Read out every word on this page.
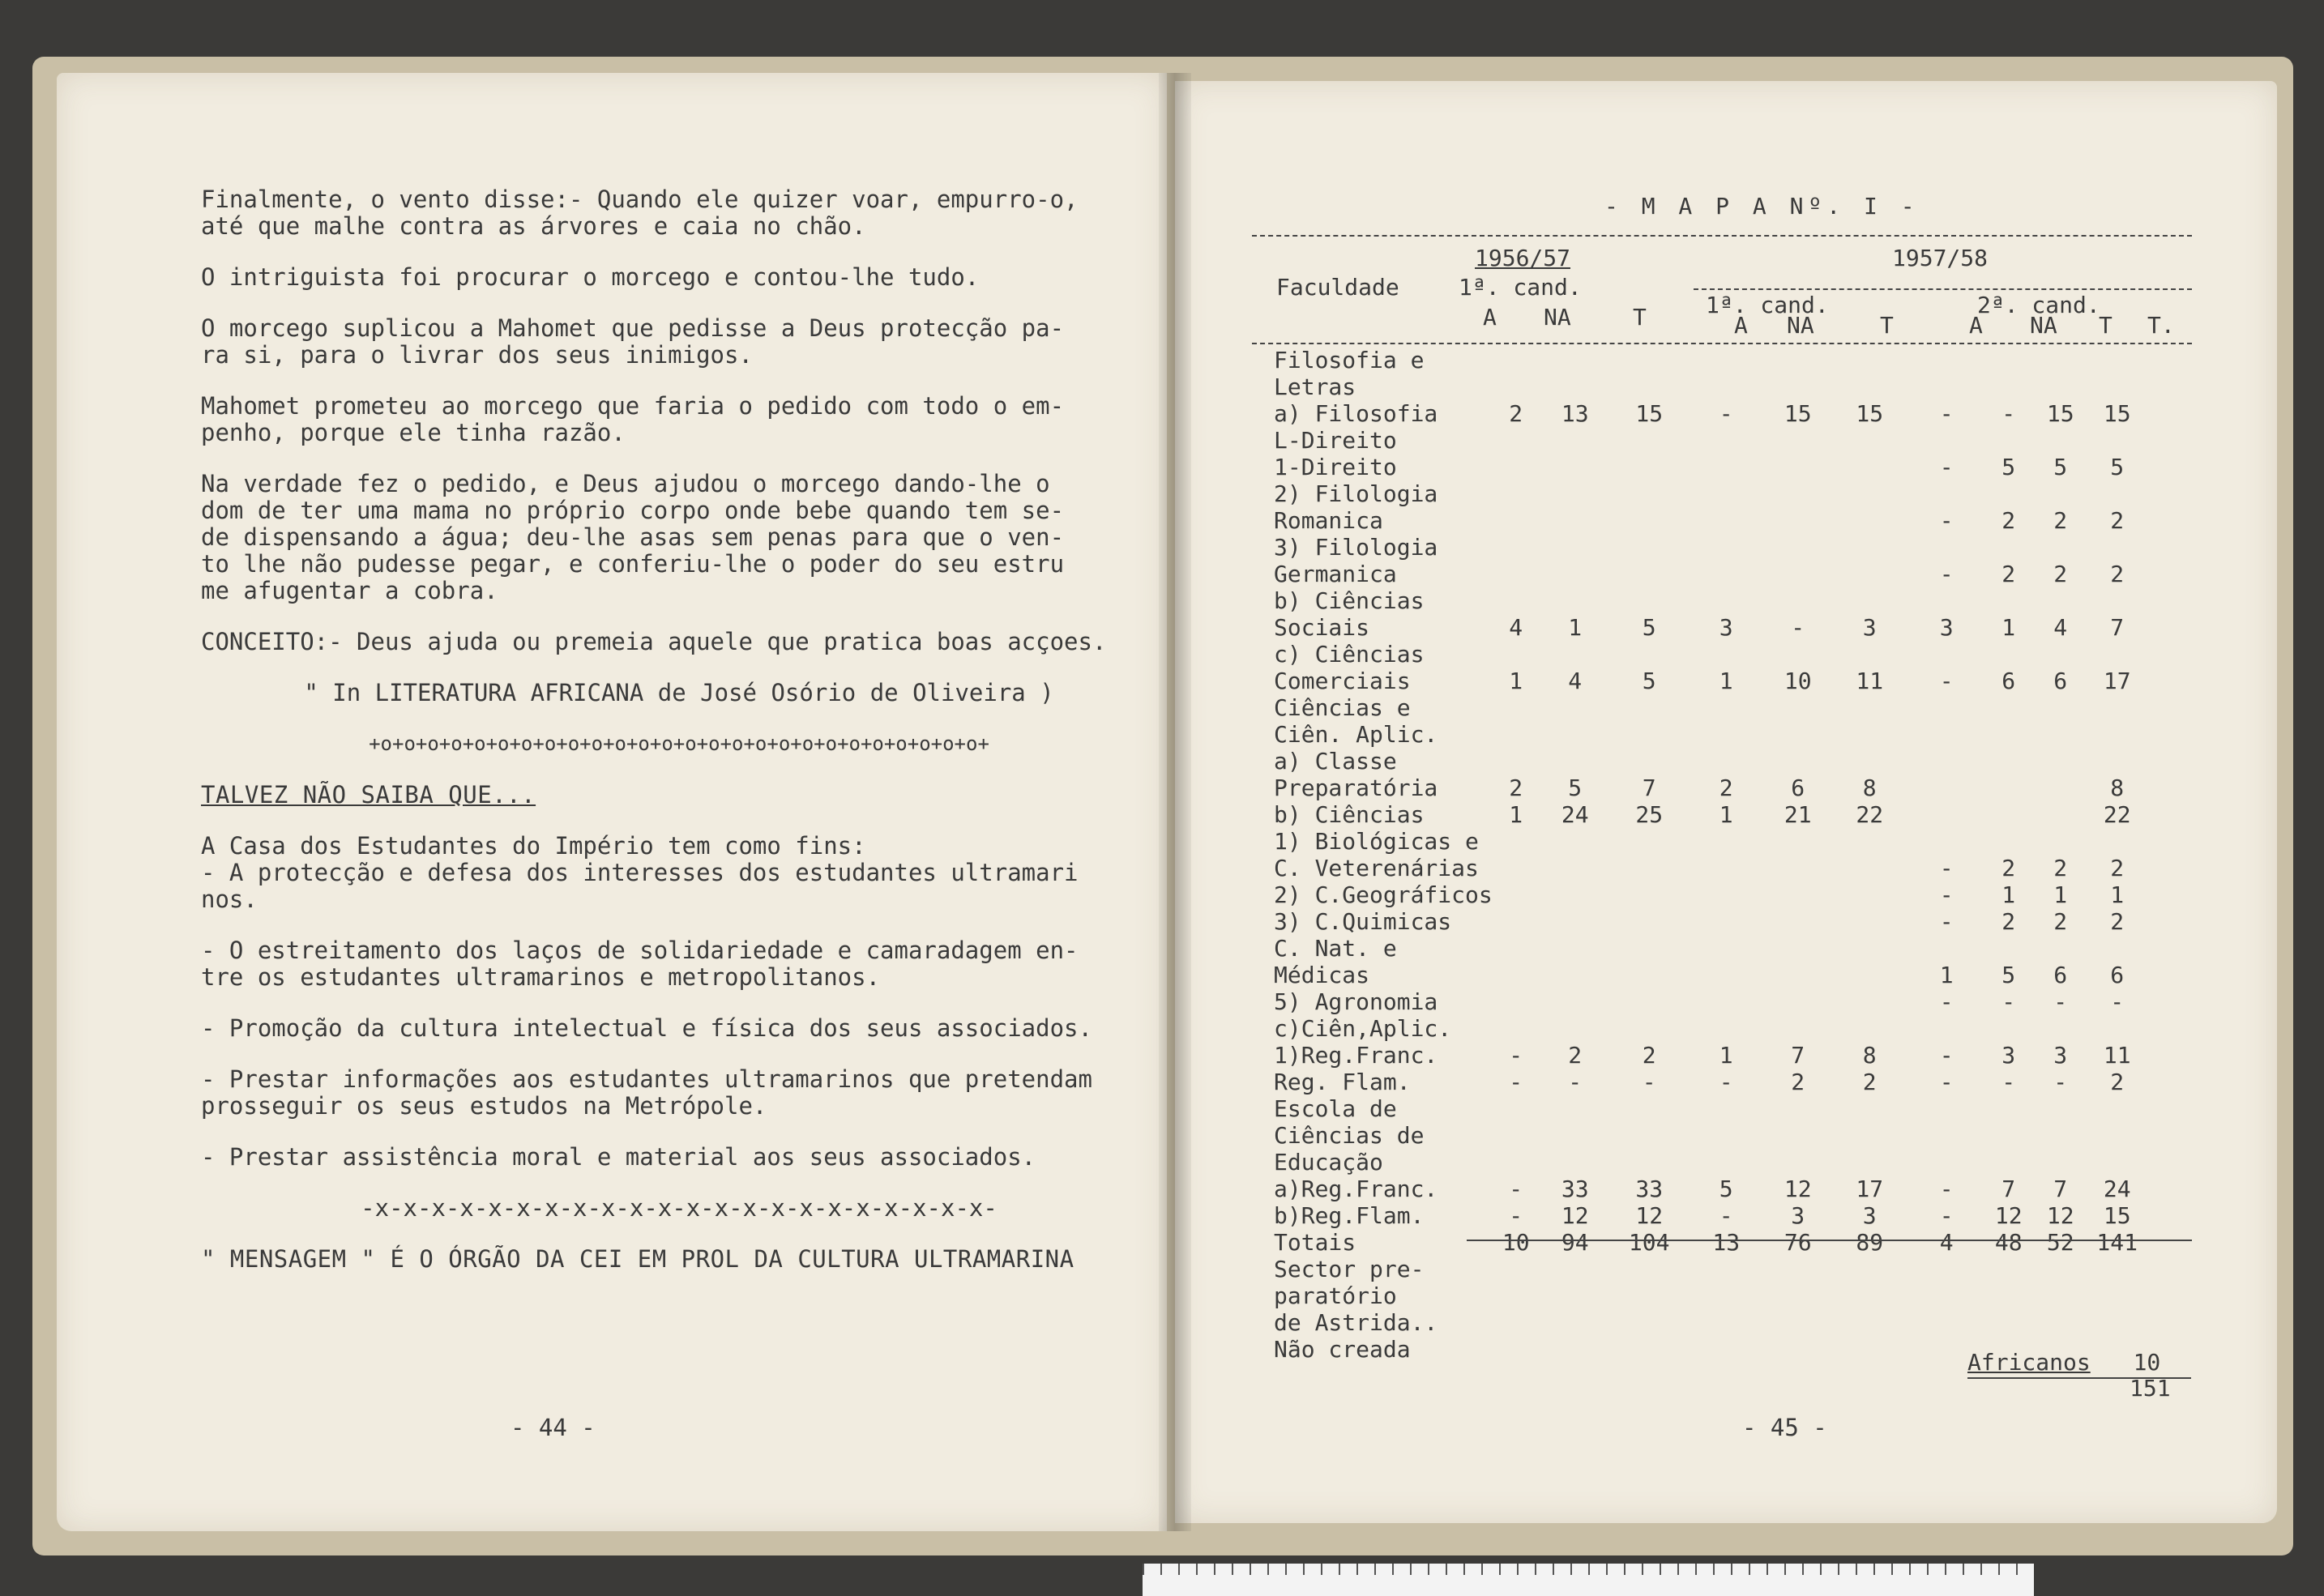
Finalmente, o vento disse:- Quando ele quizer voar, empurro-o,
até que malhe contra as árvores e caia no chão.

O intriguista foi procurar o morcego e contou-lhe tudo.

O morcego suplicou a Mahomet que pedisse a Deus protecção pa-
ra si, para o livrar dos seus inimigos.

Mahomet prometeu ao morcego que faria o pedido com todo o em-
penho, porque ele tinha razão.

Na verdade fez o pedido, e Deus ajudou o morcego dando-lhe o
dom de ter uma mama no próprio corpo onde bebe quando tem se-
de dispensando a água; deu-lhe asas sem penas para que o ven-
to lhe não pudesse pegar, e conferiu-lhe o poder do seu estru
me afugentar a cobra.

CONCEITO:- Deus ajuda ou premeia aquele que pratica boas acçoes.

" In LITERATURA AFRICANA de José Osório de Oliveira )

+o+o+o+o+o+o+o+o+o+o+o+o+o+o+o+o+o+o+o+o+o+o+o+o+o+o+

TALVEZ NÃO SAIBA QUE...

A Casa dos Estudantes do Império tem como fins:

- A protecção e defesa dos interesses dos estudantes ultramari
nos.

- O estreitamento dos laços de solidariedade e camaradagem en-
tre os estudantes ultramarinos e metropolitanos.

- Promoção da cultura intelectual e física dos seus associados.

- Prestar informações aos estudantes ultramarinos que pretendam
prosseguir os seus estudos na Metrópole.

- Prestar assistência moral e material aos seus associados.

-x-x-x-x-x-x-x-x-x-x-x-x-x-x-x-x-x-x-x-x-x-x-

" MENSAGEM " É O ÓRGÃO DA CEI EM PROL DA CULTURA ULTRAMARINA

- 44 -
- M A P A Nº. I -
Faculdade
1956/57	1957/58
1ª. cand.
1ª. cand.	2ª. cand.
A NA	T	A NA	T	A NA T T.
Filosofia e										
Letras										
a) Filosofia	2	13	15	-	15	15	-	-	15	15
L-Direito										
1-Direito							-	5	5	5
2) Filologia										
Romanica							-	2	2	2
3) Filologia										
Germanica							-	2	2	2
b) Ciências										
Sociais	4	1	5	3	-	3	3	1	4	7
c) Ciências										
Comerciais	1	4	5	1	10	11	-	6	6	17
Ciências e										
Ciên. Aplic.										
a) Classe										
Preparatória	2	5	7	2	6	8				8
b) Ciências	1	24	25	1	21	22				22
1) Biológicas e										
C. Veterenárias							-	2	2	2
2) C.Geográficos							-	1	1	1
3) C.Quimicas							-	2	2	2
C. Nat. e										
Médicas							1	5	6	6
5) Agronomia							-	-	-	-
c)Ciên,Aplic.										
1)Reg.Franc.	-	2	2	1	7	8	-	3	3	11
Reg. Flam.	-	-	-	-	2	2	-	-	-	2
Escola de										
Ciências de										
Educação										
a)Reg.Franc.	-	33	33	5	12	17	-	7	7	24
b)Reg.Flam.	-	12	12	-	3	3	-	12	12	15
Totais	10	94	104	13	76	89	4	48	52	141
Sector pre-										
paratório										
de Astrida..										
Não creada											Africanos 10
151
- 45 -
